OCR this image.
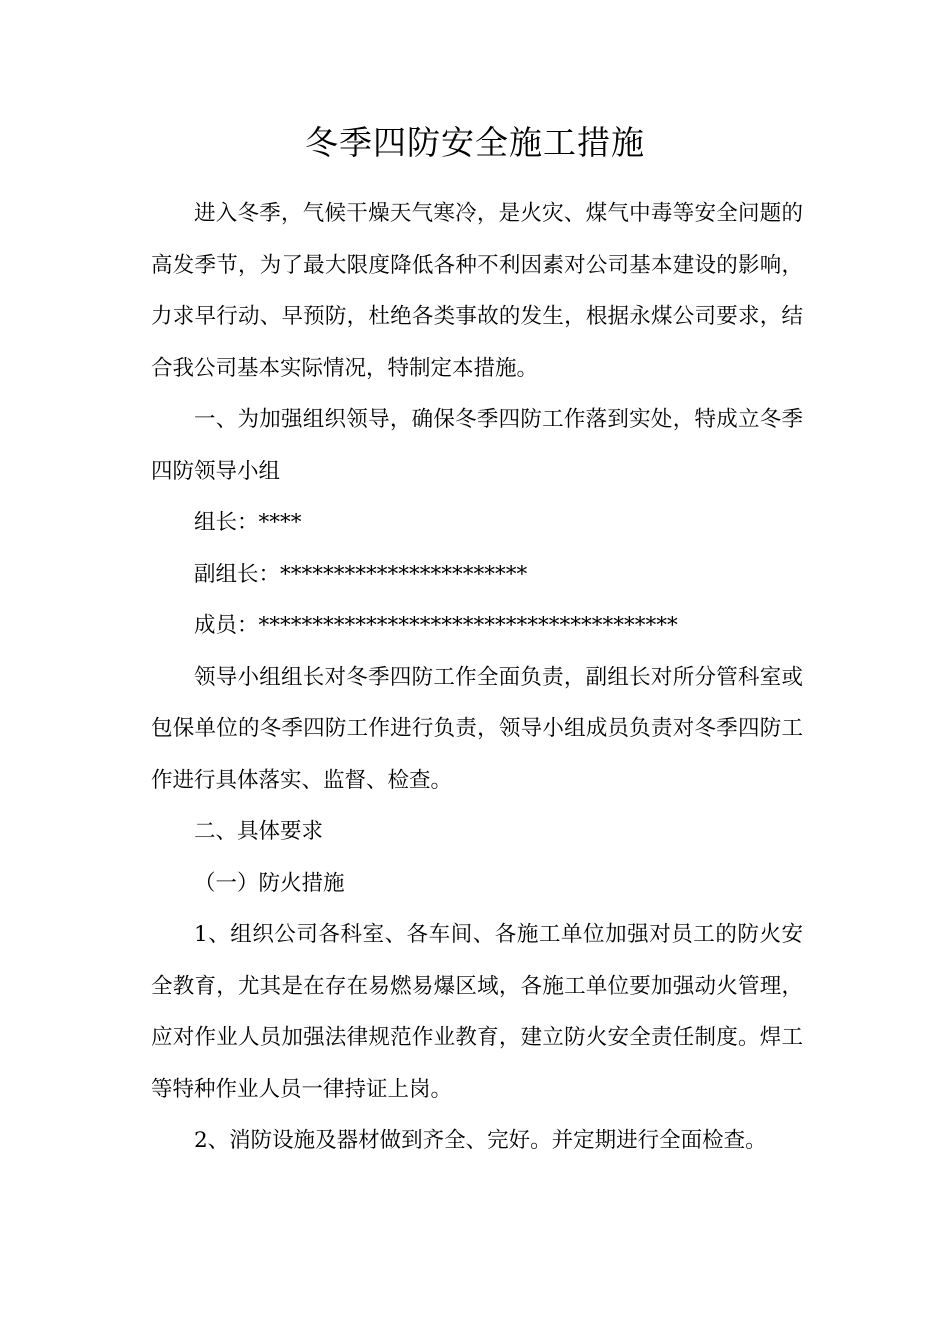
冬季四防安全施工措施

进入冬季，气候干燥天气寒冷，是火灾、煤气中毒等安全问题的高发季节，为了最大限度降低各种不利因素对公司基本建设的影响，力求早行动、早预防，杜绝各类事故的发生，根据永煤公司要求，结合我公司基本实际情况，特制定本措施。

一、为加强组织领导，确保冬季四防工作落到实处，特成立冬季四防领导小组

组长：****

副组长：***********************

成员：***************************************

领导小组组长对冬季四防工作全面负责，副组长对所分管科室或包保单位的冬季四防工作进行负责，领导小组成员负责对冬季四防工作进行具体落实、监督、检查。

二、具体要求

（一）防火措施

1、组织公司各科室、各车间、各施工单位加强对员工的防火安全教育，尤其是在存在易燃易爆区域，各施工单位要加强动火管理，应对作业人员加强法律规范作业教育，建立防火安全责任制度。焊工等特种作业人员一律持证上岗。

2、消防设施及器材做到齐全、完好。并定期进行全面检查。
